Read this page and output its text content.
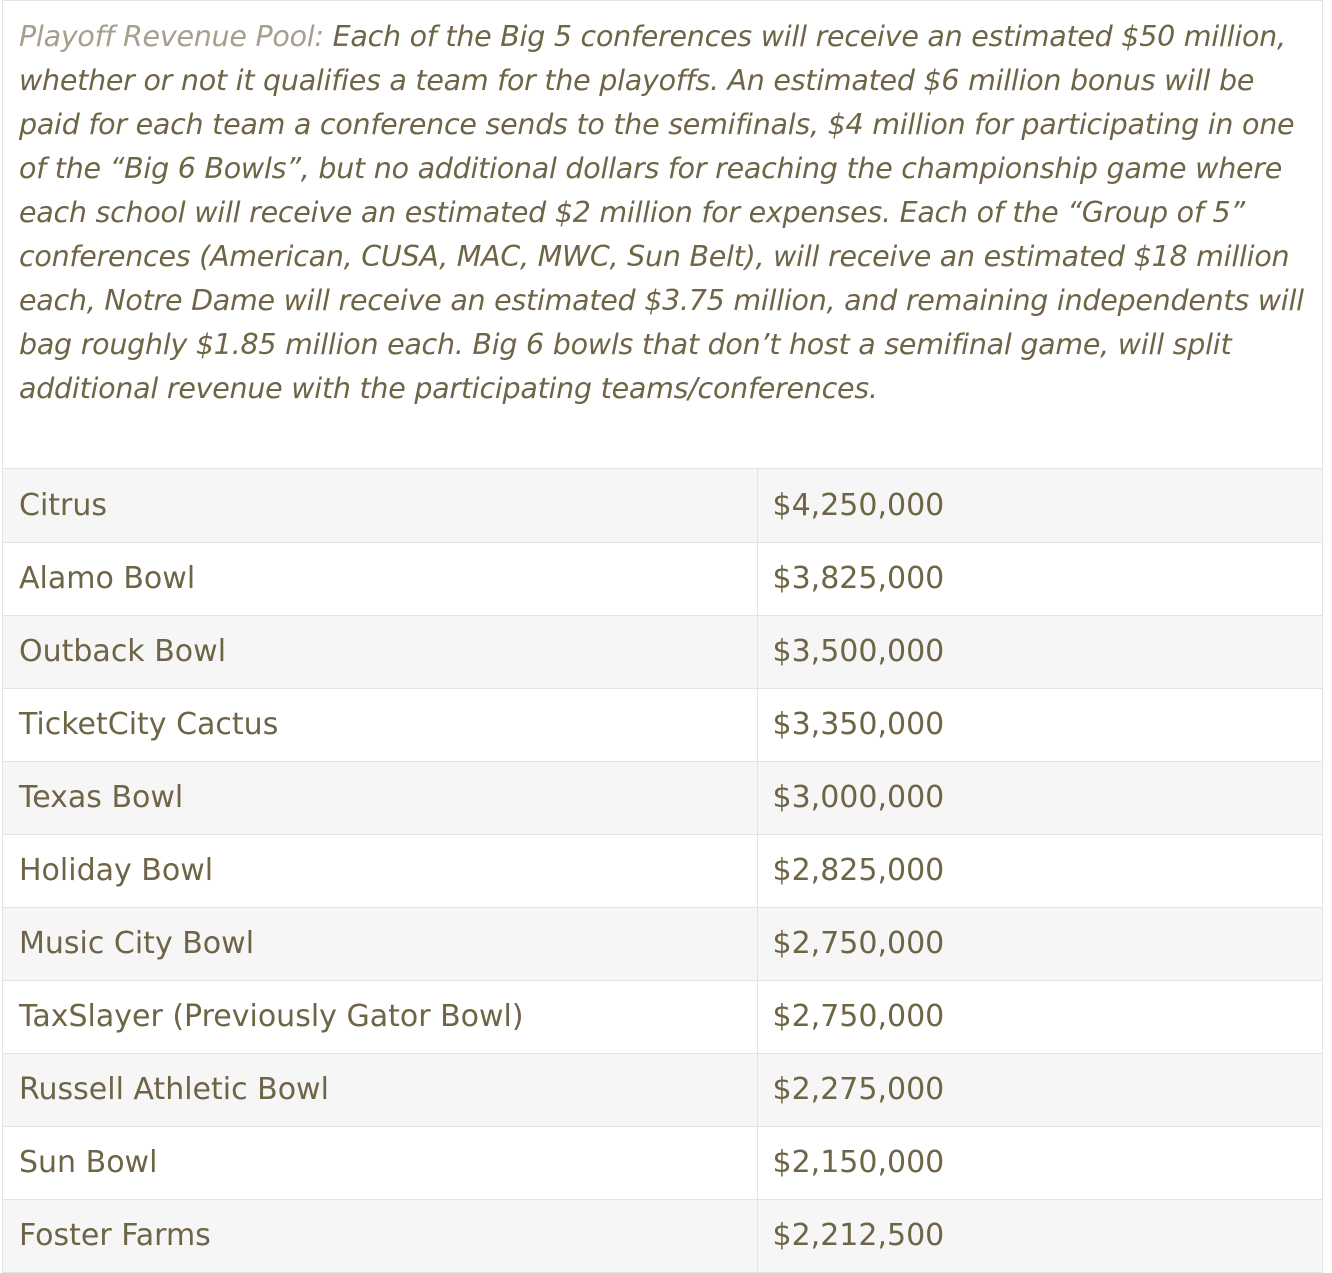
Playoff Revenue Pool: Each of the Big 5 conferences will receive an estimated $50 million, whether or not it qualifies a team for the playoffs. An estimated $6 million bonus will be paid for each team a conference sends to the semifinals, $4 million for participating in one of the “Big 6 Bowls”, but no additional dollars for reaching the championship game where each school will receive an estimated $2 million for expenses. Each of the “Group of 5” conferences (American, CUSA, MAC, MWC, Sun Belt), will receive an estimated $18 million each, Notre Dame will receive an estimated $3.75 million, and remaining independents will bag roughly $1.85 million each. Big 6 bowls that don’t host a semifinal game, will split additional revenue with the participating teams/conferences.
Citrus	$4,250,000
Alamo Bowl	$3,825,000
Outback Bowl	$3,500,000
TicketCity Cactus	$3,350,000
Texas Bowl	$3,000,000
Holiday Bowl	$2,825,000
Music City Bowl	$2,750,000
TaxSlayer (Previously Gator Bowl)	$2,750,000
Russell Athletic Bowl	$2,275,000
Sun Bowl	$2,150,000
Foster Farms	$2,212,500
